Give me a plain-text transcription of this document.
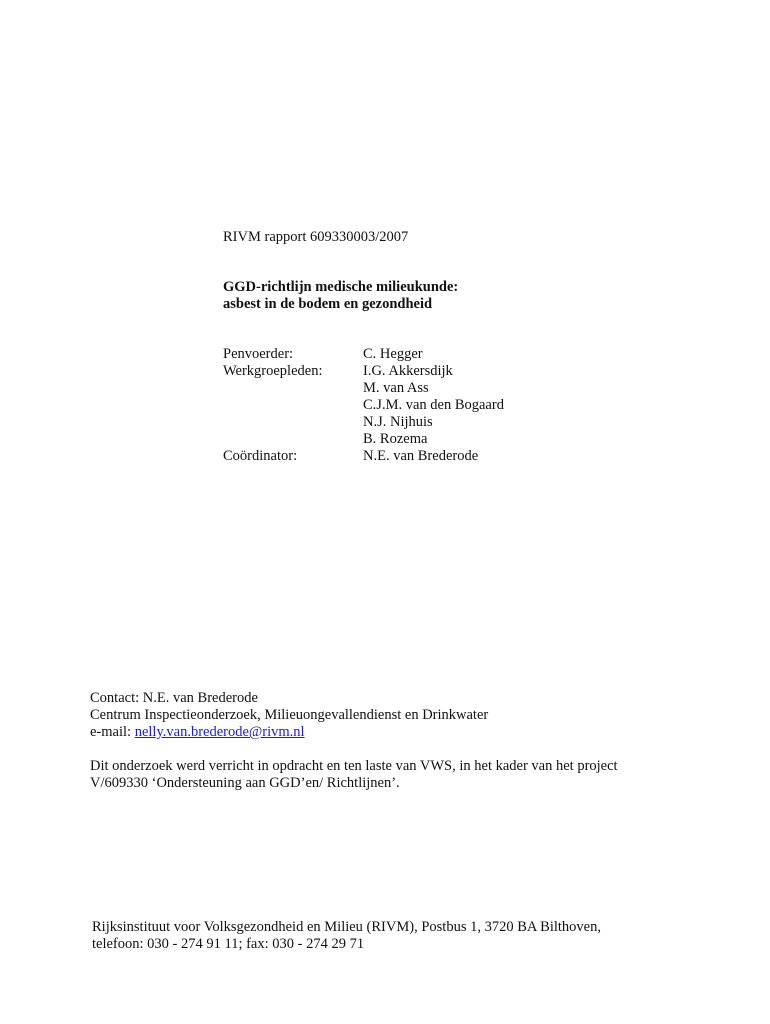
RIVM rapport 609330003/2007
GGD-richtlijn medische milieukunde:
asbest in de bodem en gezondheid
Penvoerder:	C. Hegger
Werkgroepleden:	I.G. Akkersdijk
M. van Ass
C.J.M. van den Bogaard
N.J. Nijhuis
B. Rozema
Coördinator:	N.E. van Brederode
Contact: N.E. van Brederode
Centrum Inspectieonderzoek, Milieuongevallendienst en Drinkwater
e-mail: nelly.van.brederode@rivm.nl
Dit onderzoek werd verricht in opdracht en ten laste van VWS, in het kader van het project
V/609330 ‘Ondersteuning aan GGD’en/ Richtlijnen’.
Rijksinstituut voor Volksgezondheid en Milieu (RIVM), Postbus 1, 3720 BA Bilthoven,
telefoon: 030 - 274 91 11; fax: 030 - 274 29 71
